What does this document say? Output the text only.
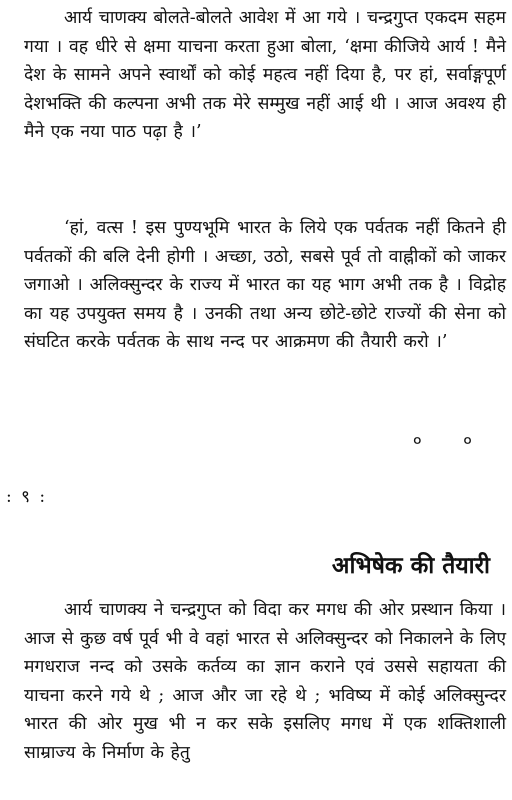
आर्य चाणक्य बोलते-बोलते आवेश में आ गये । चन्द्रगुप्त एकदम सहम गया । वह धीरे से क्षमा याचना करता हुआ बोला, ‘क्षमा कीजिये आर्य ! मैने देश के सामने अपने स्वार्थों को कोई महत्व नहीं दिया है, पर हां, सर्वाङ्गपूर्ण देशभक्ति की कल्पना अभी तक मेरे सम्मुख नहीं आई थी । आज अवश्य ही मैने एक नया पाठ पढ़ा है ।’

‘हां, वत्स ! इस पुण्यभूमि भारत के लिये एक पर्वतक नहीं कितने ही पर्वतकों की बलि देनी होगी । अच्छा, उठो, सबसे पूर्व तो वाह्नीकों को जाकर जगाओ । अलिक्सुन्दर के राज्य में भारत का यह भाग अभी तक है । विद्रोह का यह उपयुक्त समय है । उनकी तथा अन्य छोटे-छोटे राज्यों की सेना को संघटित करके पर्वतक के साथ नन्द पर आक्रमण की तैयारी करो ।’

० ०
: ९ :
अभिषेक की तैयारी

आर्य चाणक्य ने चन्द्रगुप्त को विदा कर मगध की ओर प्रस्थान किया । आज से कुछ वर्ष पूर्व भी वे वहां भारत से अलिक्सुन्दर को निकालने के लिए मगधराज नन्द को उसके कर्तव्य का ज्ञान कराने एवं उससे सहायता की याचना करने गये थे ; आज और जा रहे थे ; भविष्य में कोई अलिक्सुन्दर भारत की ओर मुख भी न कर सके इसलिए मगध में एक शक्तिशाली साम्राज्य के निर्माण के हेतु
